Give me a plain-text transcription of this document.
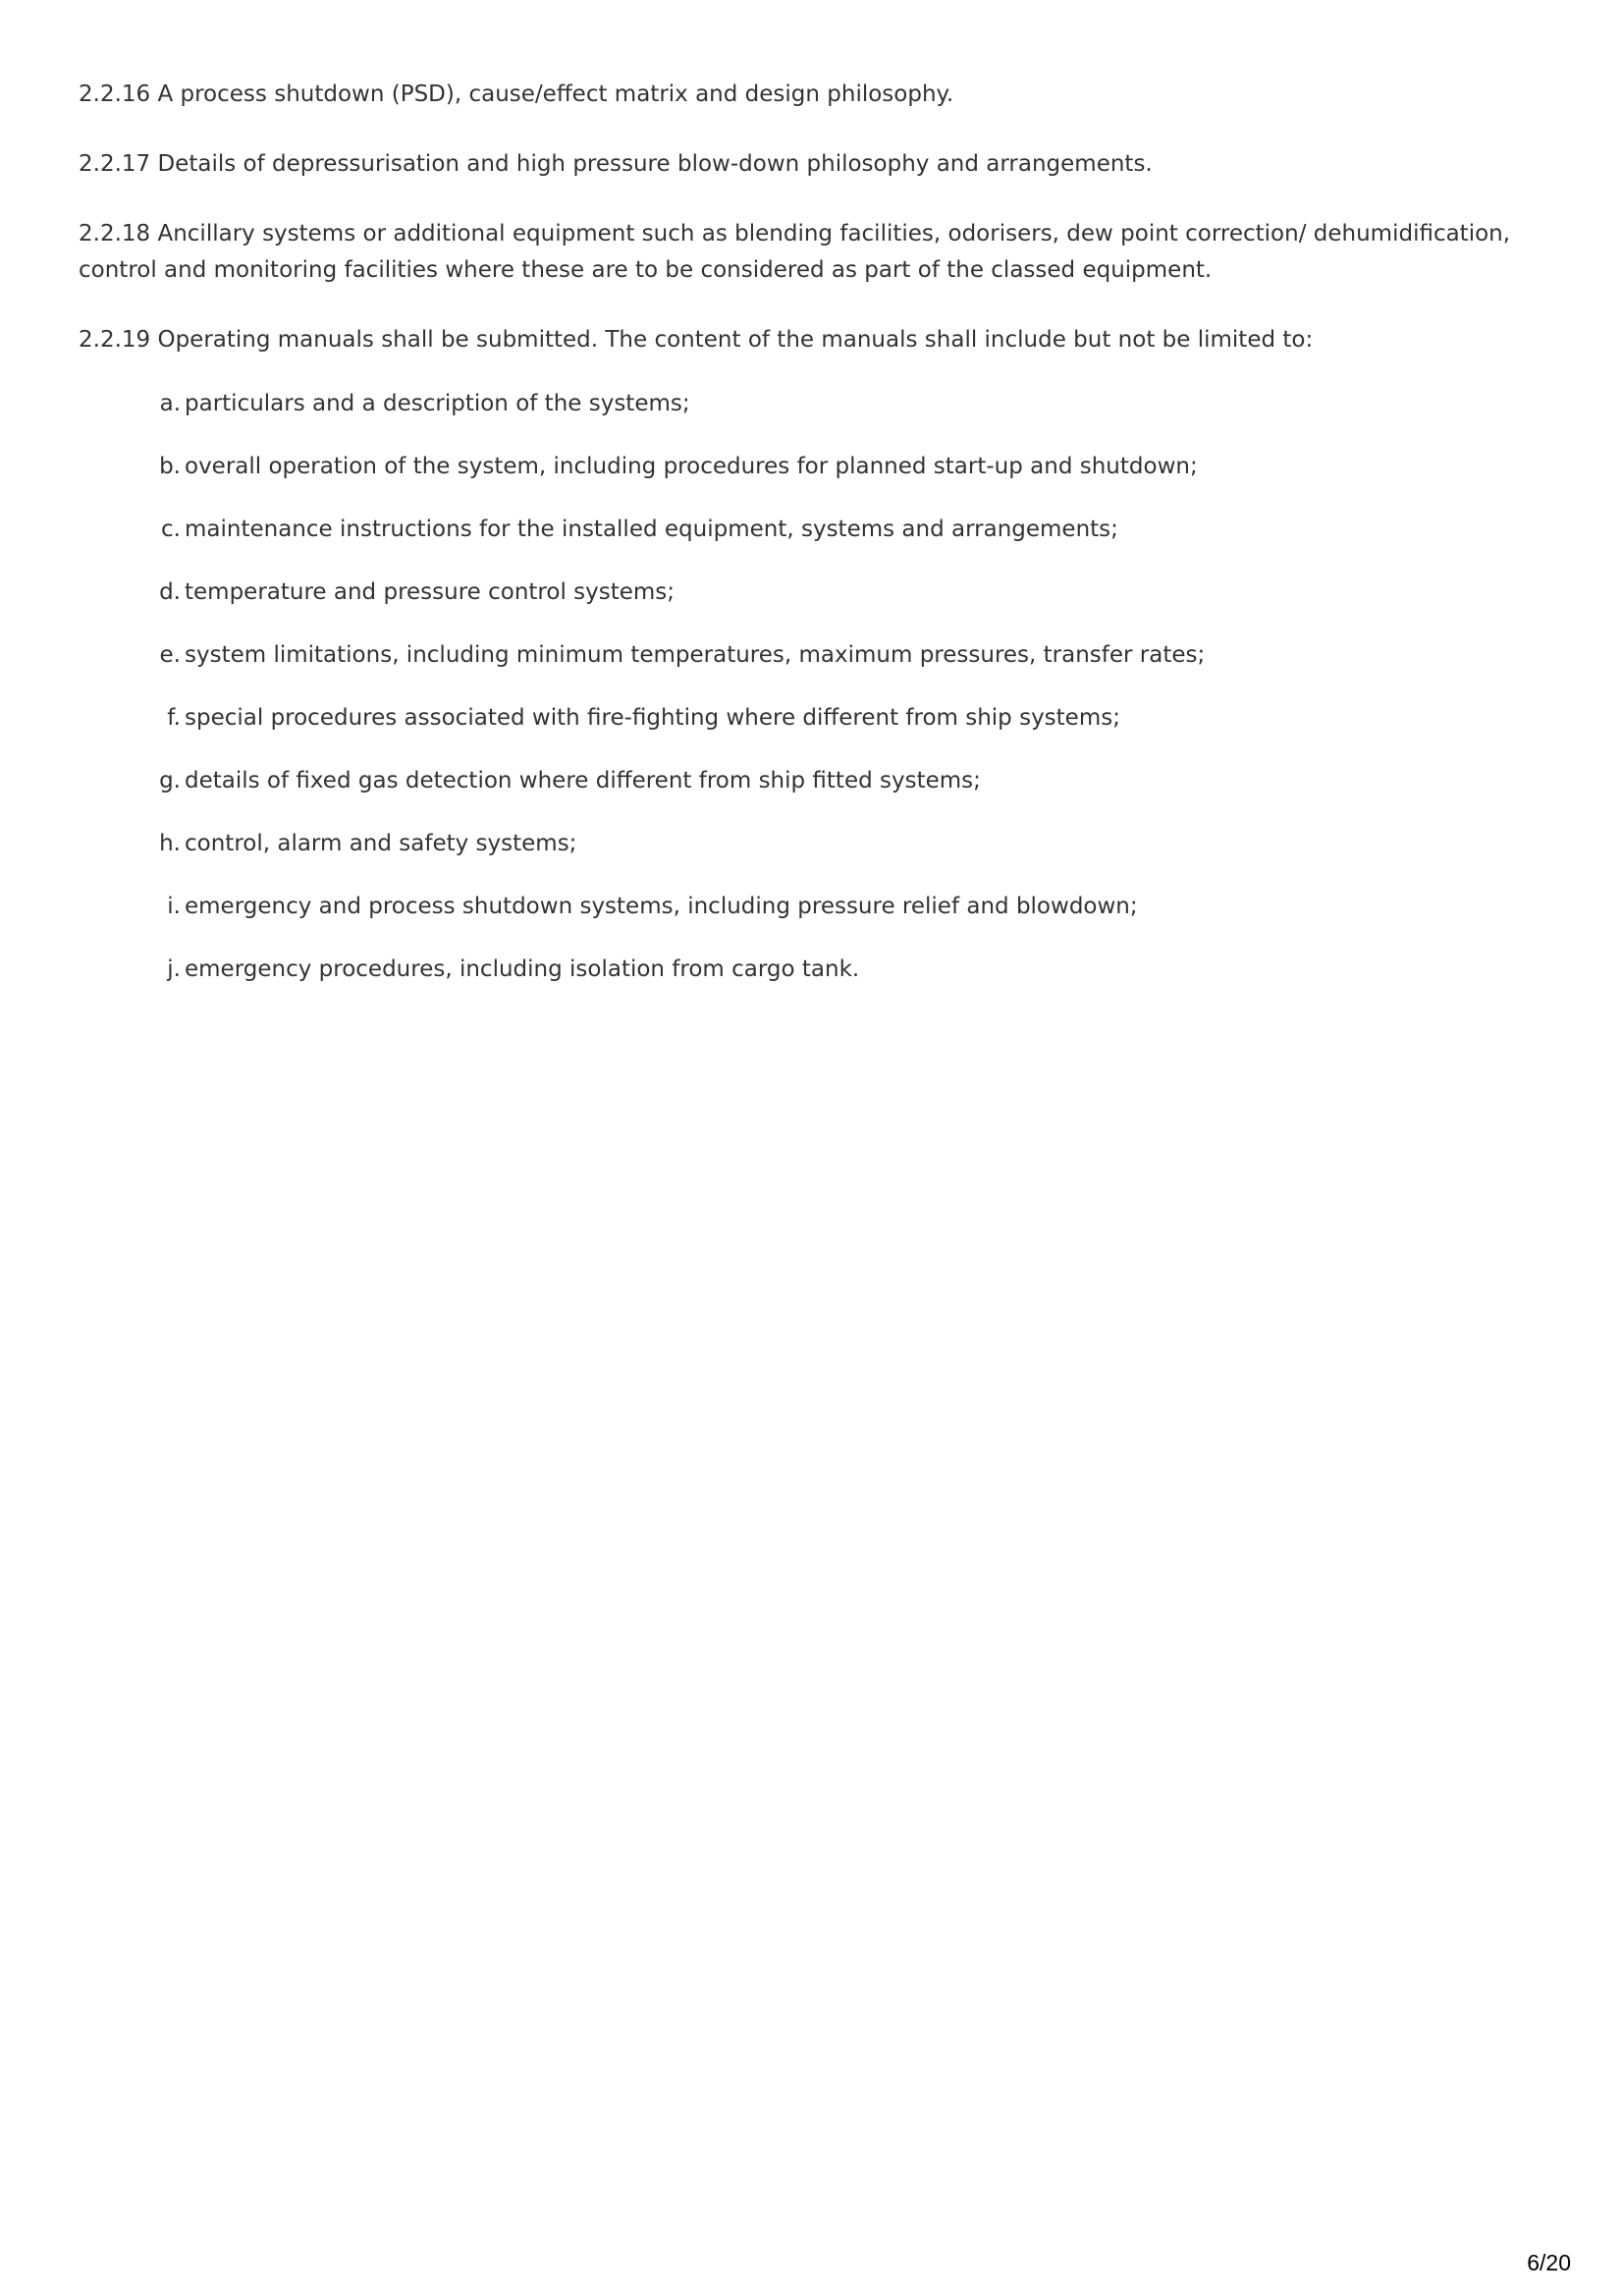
2.2.16 A process shutdown (PSD), cause/effect matrix and design philosophy.

2.2.17 Details of depressurisation and high pressure blow-down philosophy and arrangements.

2.2.18 Ancillary systems or additional equipment such as blending facilities, odorisers, dew point correction/ dehumidification, control and monitoring facilities where these are to be considered as part of the classed equipment.

2.2.19 Operating manuals shall be submitted. The content of the manuals shall include but not be limited to:

a. particulars and a description of the systems;
b. overall operation of the system, including procedures for planned start-up and shutdown;
c. maintenance instructions for the installed equipment, systems and arrangements;
d. temperature and pressure control systems;
e. system limitations, including minimum temperatures, maximum pressures, transfer rates;
f. special procedures associated with fire-fighting where different from ship systems;
g. details of fixed gas detection where different from ship fitted systems;
h. control, alarm and safety systems;
i. emergency and process shutdown systems, including pressure relief and blowdown;
j. emergency procedures, including isolation from cargo tank.
6/20
